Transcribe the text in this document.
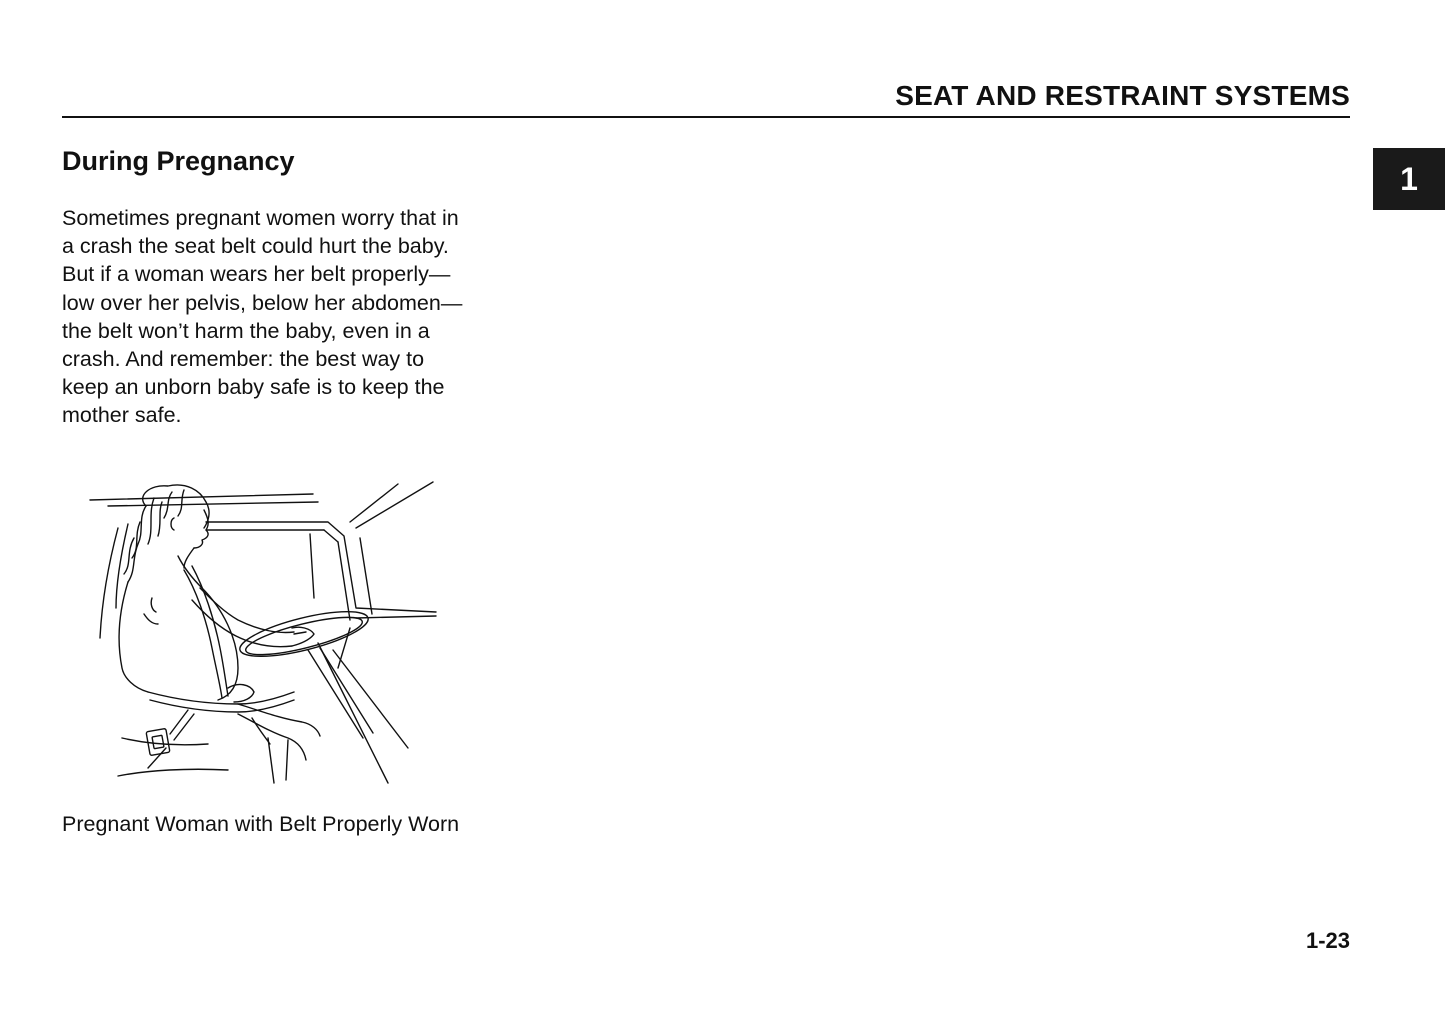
SEAT AND RESTRAINT SYSTEMS
1
During Pregnancy

Sometimes pregnant women worry that in a crash the seat belt could hurt the baby. But if a woman wears her belt properly—low over her pelvis, below her abdomen—the belt won’t harm the baby, even in a crash. And remember: the best way to keep an unborn baby safe is to keep the mother safe.

Pregnant Woman with Belt Properly Worn

1-23
